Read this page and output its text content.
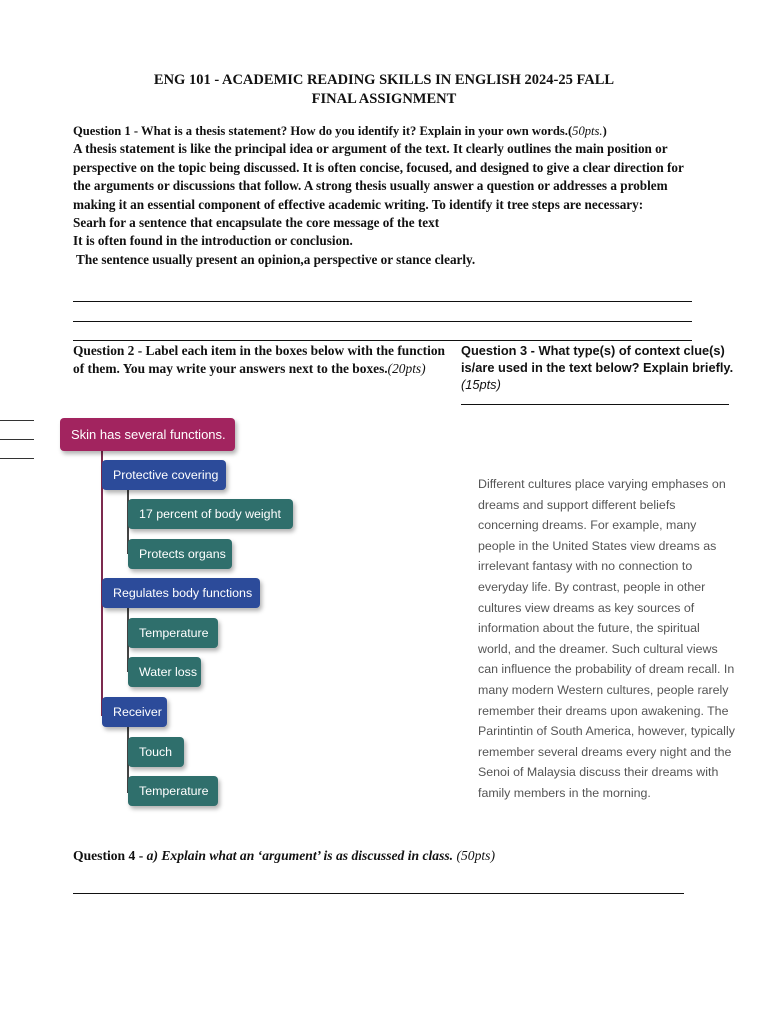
ENG 101 - ACADEMIC READING SKILLS IN ENGLISH 2024-25 FALL
FINAL ASSIGNMENT

Question 1 - What is a thesis statement? How do you identify it? Explain in your own words.(50pts.)

A thesis statement is like the principal idea or argument of the text. It clearly outlines the main position or perspective on the topic being discussed. It is often concise, focused, and designed to give a clear direction for the arguments or discussions that follow. A strong thesis usually answer a question or addresses a problem making it an essential component of effective academic writing. To identify it tree steps are necessary:

Searh for a sentence that encapsulate the core message of the text

It is often found in the introduction or conclusion.

The sentence usually present an opinion,a perspective or stance clearly.

Question 2 - Label each item in the boxes below with the function of them. You may write your answers next to the boxes.(20pts)
Question 3 - What type(s) of context clue(s) is/are used in the text below? Explain briefly. (15pts)
Skin has several functions.
Protective covering
17 percent of body weight
Protects organs
Regulates body functions
Temperature
Water loss
Receiver
Touch
Temperature
Different cultures place varying emphases on dreams and support different beliefs concerning dreams. For example, many people in the United States view dreams as irrelevant fantasy with no connection to everyday life. By contrast, people in other cultures view dreams as key sources of information about the future, the spiritual world, and the dreamer. Such cultural views can influence the probability of dream recall. In many modern Western cultures, people rarely remember their dreams upon awakening. The Parintintin of South America, however, typically remember several dreams every night and the Senoi of Malaysia discuss their dreams with family members in the morning.
Question 4 - a) Explain what an ‘argument’ is as discussed in class. (50pts)
